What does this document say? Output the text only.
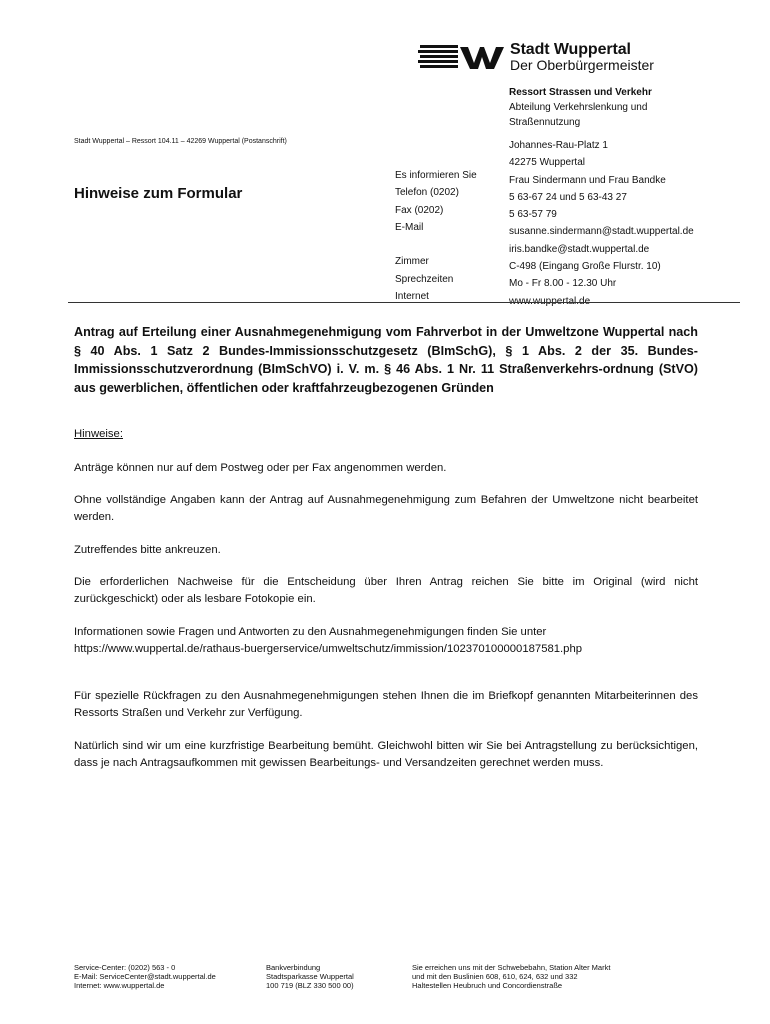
Stadt Wuppertal
Der Oberbürgermeister
Ressort Strassen und Verkehr
Abteilung Verkehrslenkung und
Straßennutzung
Stadt Wuppertal – Ressort 104.11 – 42269 Wuppertal (Postanschrift)
Hinweise zum Formular
Es informieren Sie
Telefon (0202)
Fax (0202)
E-Mail
Zimmer
Sprechzeiten
Internet
Johannes-Rau-Platz 1
42275 Wuppertal
Frau Sindermann und Frau Bandke
5 63-67 24 und 5 63-43 27
5 63-57 79
susanne.sindermann@stadt.wuppertal.de
iris.bandke@stadt.wuppertal.de
C-498 (Eingang Große Flurstr. 10)
Mo - Fr 8.00 - 12.30 Uhr
www.wuppertal.de
Antrag auf Erteilung einer Ausnahmegenehmigung vom Fahrverbot in der Umweltzone Wuppertal nach § 40 Abs. 1 Satz 2 Bundes-Immissionsschutzgesetz (BImSchG), § 1 Abs. 2 der 35. Bundes-Immissionsschutzverordnung (BImSchVO) i. V. m. § 46 Abs. 1 Nr. 11 Straßenverkehrs-ordnung (StVO) aus gewerblichen, öffentlichen oder kraftfahrzeugbezogenen Gründen
Hinweise:
Anträge können nur auf dem Postweg oder per Fax angenommen werden.
Ohne vollständige Angaben kann der Antrag auf Ausnahmegenehmigung zum Befahren der Umweltzone nicht bearbeitet werden.
Zutreffendes bitte ankreuzen.
Die erforderlichen Nachweise für die Entscheidung über Ihren Antrag reichen Sie bitte im Original (wird nicht zurückgeschickt) oder als lesbare Fotokopie ein.
Informationen sowie Fragen und Antworten zu den Ausnahmegenehmigungen finden Sie unter https://www.wuppertal.de/rathaus-buergerservice/umweltschutz/immission/102370100000187581.php
Für spezielle Rückfragen zu den Ausnahmegenehmigungen stehen Ihnen die im Briefkopf genannten Mitarbeiterinnen des Ressorts Straßen und Verkehr zur Verfügung.
Natürlich sind wir um eine kurzfristige Bearbeitung bemüht. Gleichwohl bitten wir Sie bei Antragstellung zu berücksichtigen, dass je nach Antragsaufkommen mit gewissen Bearbeitungs- und Versandzeiten gerechnet werden muss.
Service-Center: (0202) 563 - 0
E-Mail: ServiceCenter@stadt.wuppertal.de
Internet: www.wuppertal.de
Bankverbindung
Stadtsparkasse Wuppertal
100 719 (BLZ 330 500 00)
Sie erreichen uns mit der Schwebebahn, Station Alter Markt
und mit den Buslinien 608, 610, 624, 632 und 332
Haltestellen Heubruch und Concordienstraße
